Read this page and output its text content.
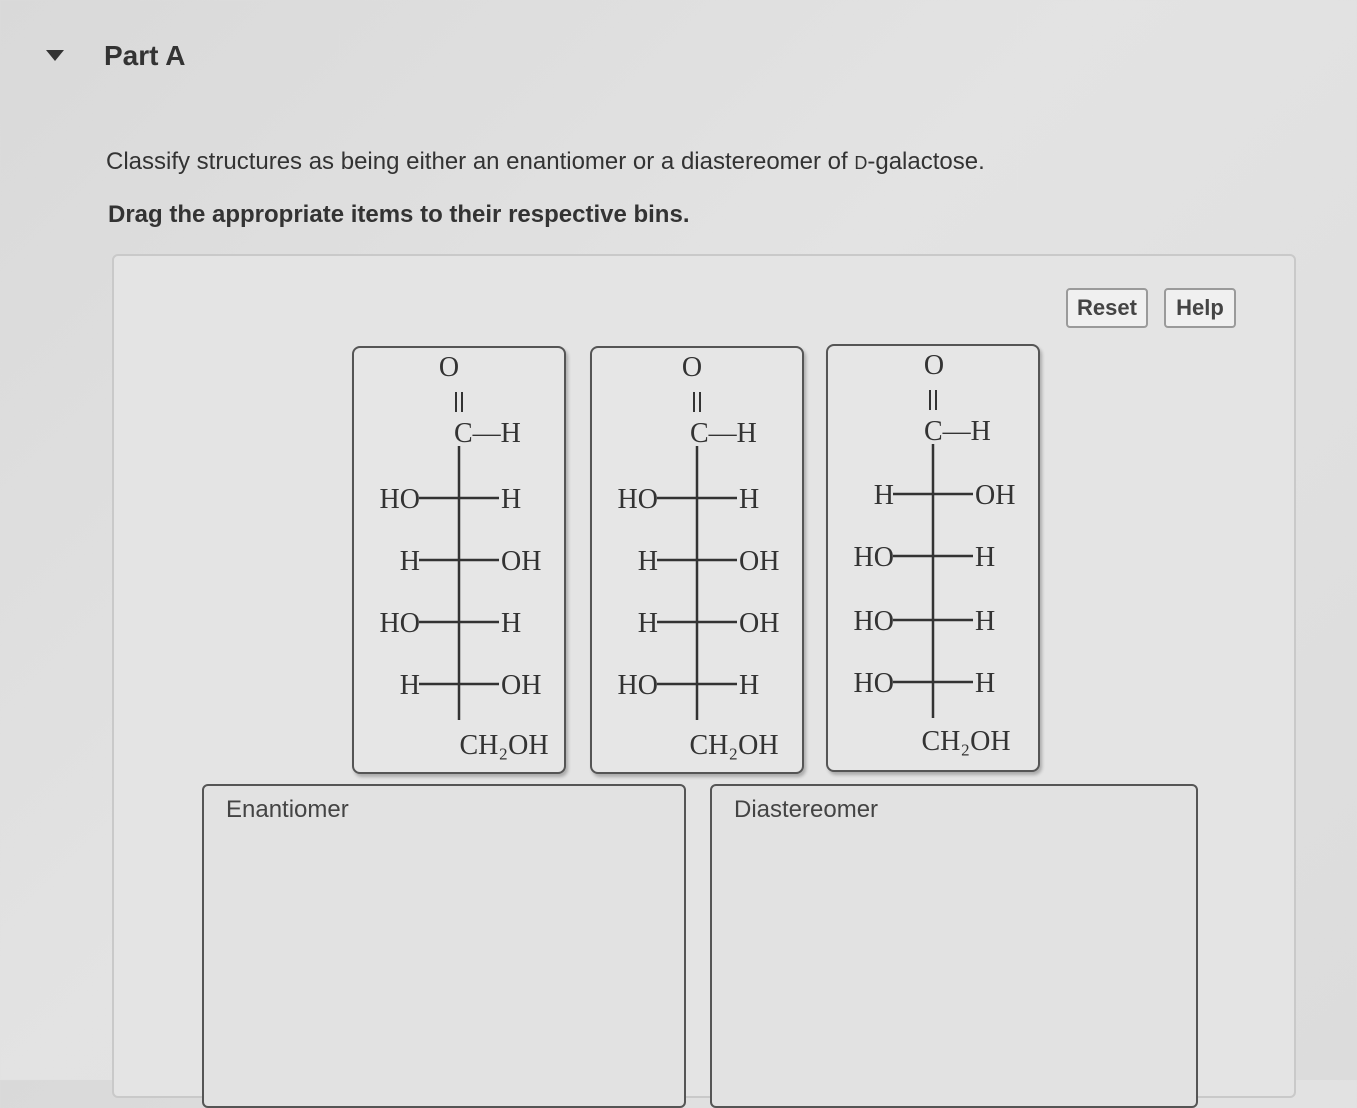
Part A
Classify structures as being either an enantiomer or a diastereomer of D-galactose.
Drag the appropriate items to their respective bins.
Reset	Help
O
C—H
HO	H
H	OH
HO	H
H	OH
CH₂OH
O
C—H
HO	H
H	OH
H	OH
HO	H
CH₂OH
O
C—H
H	OH
HO	H
HO	H
HO	H
CH₂OH
Enantiomer	Diastereomer
